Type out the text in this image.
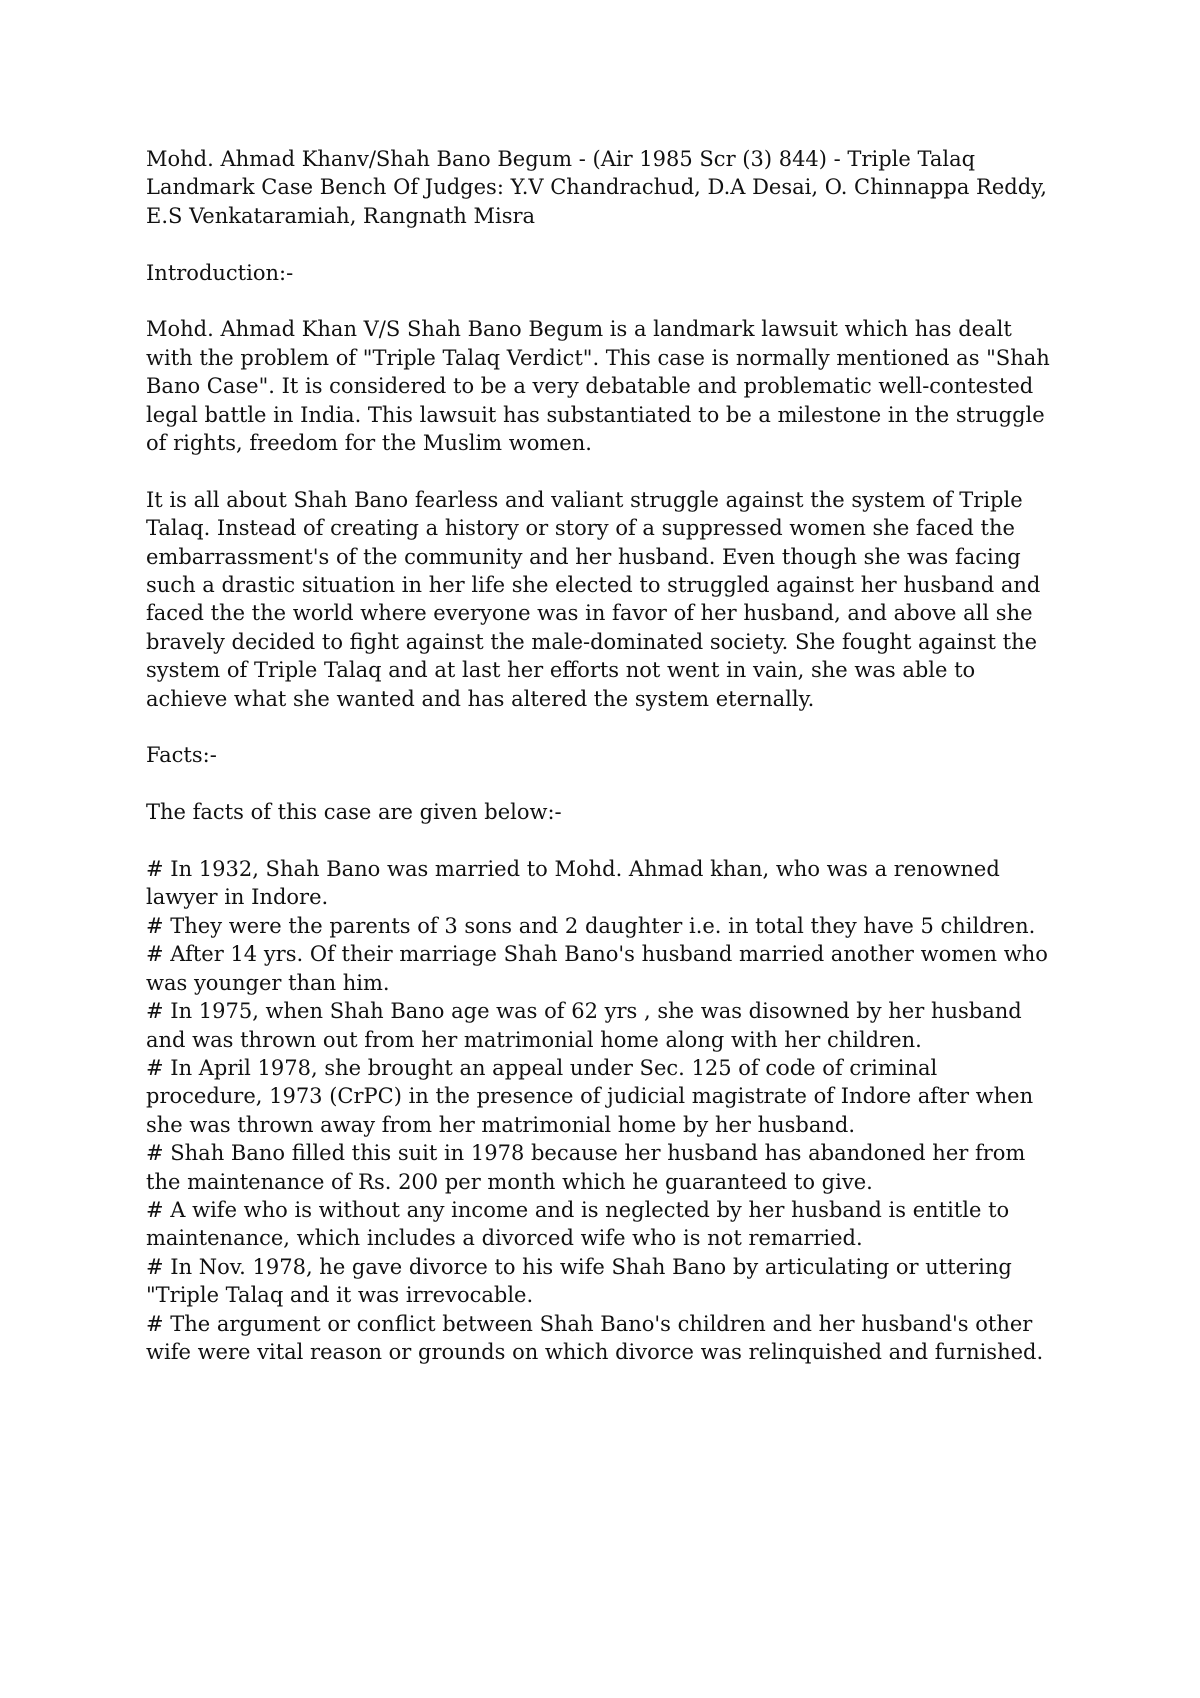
Mohd. Ahmad Khanv/Shah Bano Begum - (Air 1985 Scr (3) 844) - Triple Talaq Landmark Case Bench Of Judges: Y.V Chandrachud, D.A Desai, O. Chinnappa Reddy, E.S Venkataramiah, Rangnath Misra

Introduction:-

Mohd. Ahmad Khan V/S Shah Bano Begum is a landmark lawsuit which has dealt with the problem of "Triple Talaq Verdict". This case is normally mentioned as "Shah Bano Case". It is considered to be a very debatable and problematic well-contested legal battle in India. This lawsuit has substantiated to be a milestone in the struggle of rights, freedom for the Muslim women.

It is all about Shah Bano fearless and valiant struggle against the system of Triple Talaq. Instead of creating a history or story of a suppressed women she faced the embarrassment's of the community and her husband. Even though she was facing such a drastic situation in her life she elected to struggled against her husband and faced the the world where everyone was in favor of her husband, and above all she bravely decided to fight against the male-dominated society. She fought against the system of Triple Talaq and at last her efforts not went in vain, she was able to achieve what she wanted and has altered the system eternally.

Facts:-

The facts of this case are given below:-

# In 1932, Shah Bano was married to Mohd. Ahmad khan, who was a renowned lawyer in Indore.

# They were the parents of 3 sons and 2 daughter i.e. in total they have 5 children.

# After 14 yrs. Of their marriage Shah Bano's husband married another women who was younger than him.

# In 1975, when Shah Bano age was of 62 yrs , she was disowned by her husband and was thrown out from her matrimonial home along with her children.

# In April 1978, she brought an appeal under Sec. 125 of code of criminal procedure, 1973 (CrPC) in the presence of judicial magistrate of Indore after when she was thrown away from her matrimonial home by her husband.

# Shah Bano filled this suit in 1978 because her husband has abandoned her from the maintenance of Rs. 200 per month which he guaranteed to give.

# A wife who is without any income and is neglected by her husband is entitle to maintenance, which includes a divorced wife who is not remarried.

# In Nov. 1978, he gave divorce to his wife Shah Bano by articulating or uttering "Triple Talaq and it was irrevocable.

# The argument or conflict between Shah Bano's children and her husband's other wife were vital reason or grounds on which divorce was relinquished and furnished.
